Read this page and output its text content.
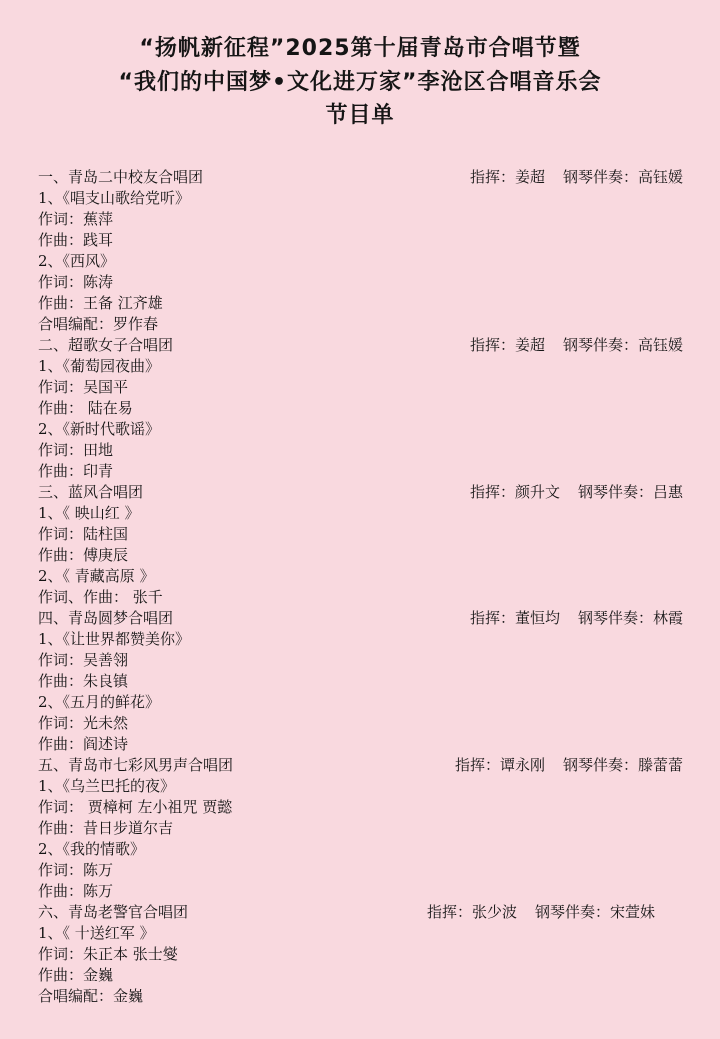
“扬帆新征程”2025第十届青岛市合唱节暨
“我们的中国梦•文化进万家”李沧区合唱音乐会
节目单
一、青岛二中校友合唱团	指挥：姜超 钢琴伴奏：高钰媛
1、《唱支山歌给党听》
作词：蕉萍
作曲：践耳
2、《西风》
作词：陈涛
作曲：王备 江齐雄
合唱编配：罗作春
二、超歌女子合唱团	指挥：姜超 钢琴伴奏：高钰媛
1、《葡萄园夜曲》
作词：吴国平
作曲： 陆在易
2、《新时代歌谣》
作词：田地
作曲：印青
三、蓝风合唱团	指挥：颜升文 钢琴伴奏：吕惠
1、《 映山红 》
作词：陆柱国
作曲：傅庚辰
2、《 青藏高原 》
作词、作曲： 张千
四、青岛圆梦合唱团	指挥：董恒均 钢琴伴奏：林霞
1、《让世界都赞美你》
作词：吴善翎
作曲：朱良镇
2、《五月的鲜花》
作词：光未然
作曲：阎述诗
五、青岛市七彩风男声合唱团	指挥：谭永刚 钢琴伴奏：滕蕾蕾
1、《乌兰巴托的夜》
作词： 贾樟柯 左小祖咒 贾懿
作曲：昔日步道尔吉
2、《我的情歌》
作词：陈万
作曲：陈万
六、青岛老警官合唱团	指挥：张少波 钢琴伴奏：宋萱妹
1、《 十送红军 》
作词：朱正本 张士燮
作曲：金巍
合唱编配：金巍
